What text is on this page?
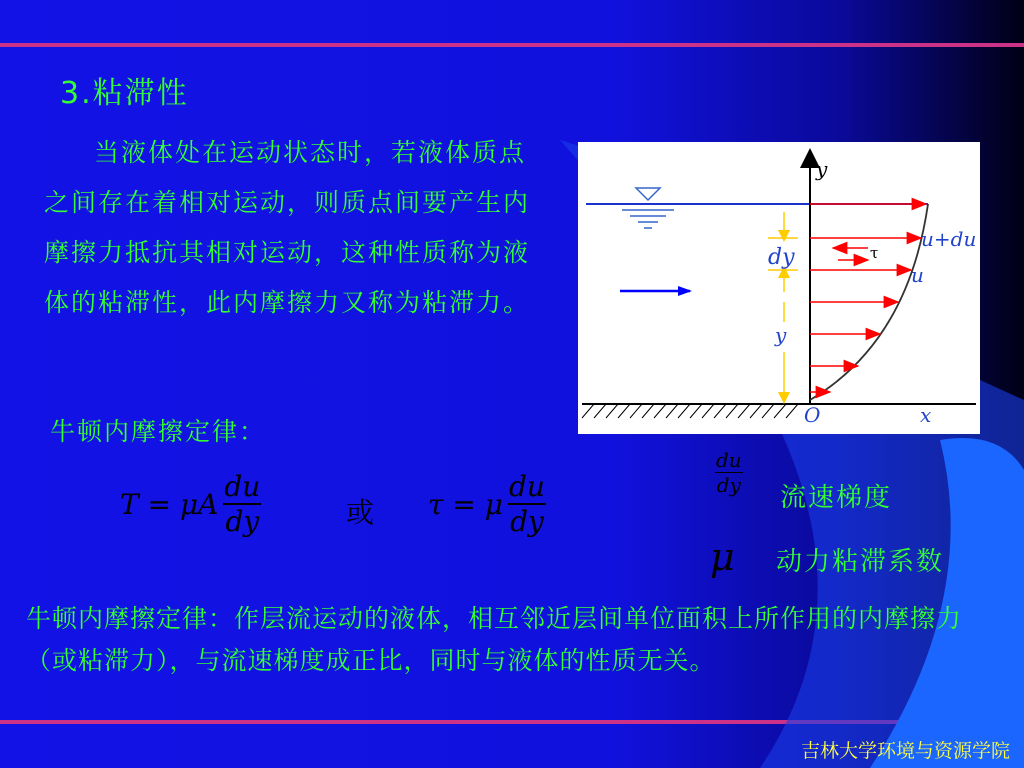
3.粘滞性
当液体处在运动状态时，若液体质点之间存在着相对运动，则质点间要产生内摩擦力抵抗其相对运动，这种性质称为液体的粘滞性，此内摩擦力又称为粘滞力。
y
O	x
dy
y
τ
u+du
u
牛顿内摩擦定律：
T = μA $\frac{du}{dy}$	或 τ = μ $\frac{du}{dy}$	$\frac{du}{dy}$
流速梯度
μ 动力粘滞系数
牛顿内摩擦定律：作层流运动的液体，相互邻近层间单位面积上所作用的内摩擦力（或粘滞力），与流速梯度成正比，同时与液体的性质无关。
吉林大学环境与资源学院
